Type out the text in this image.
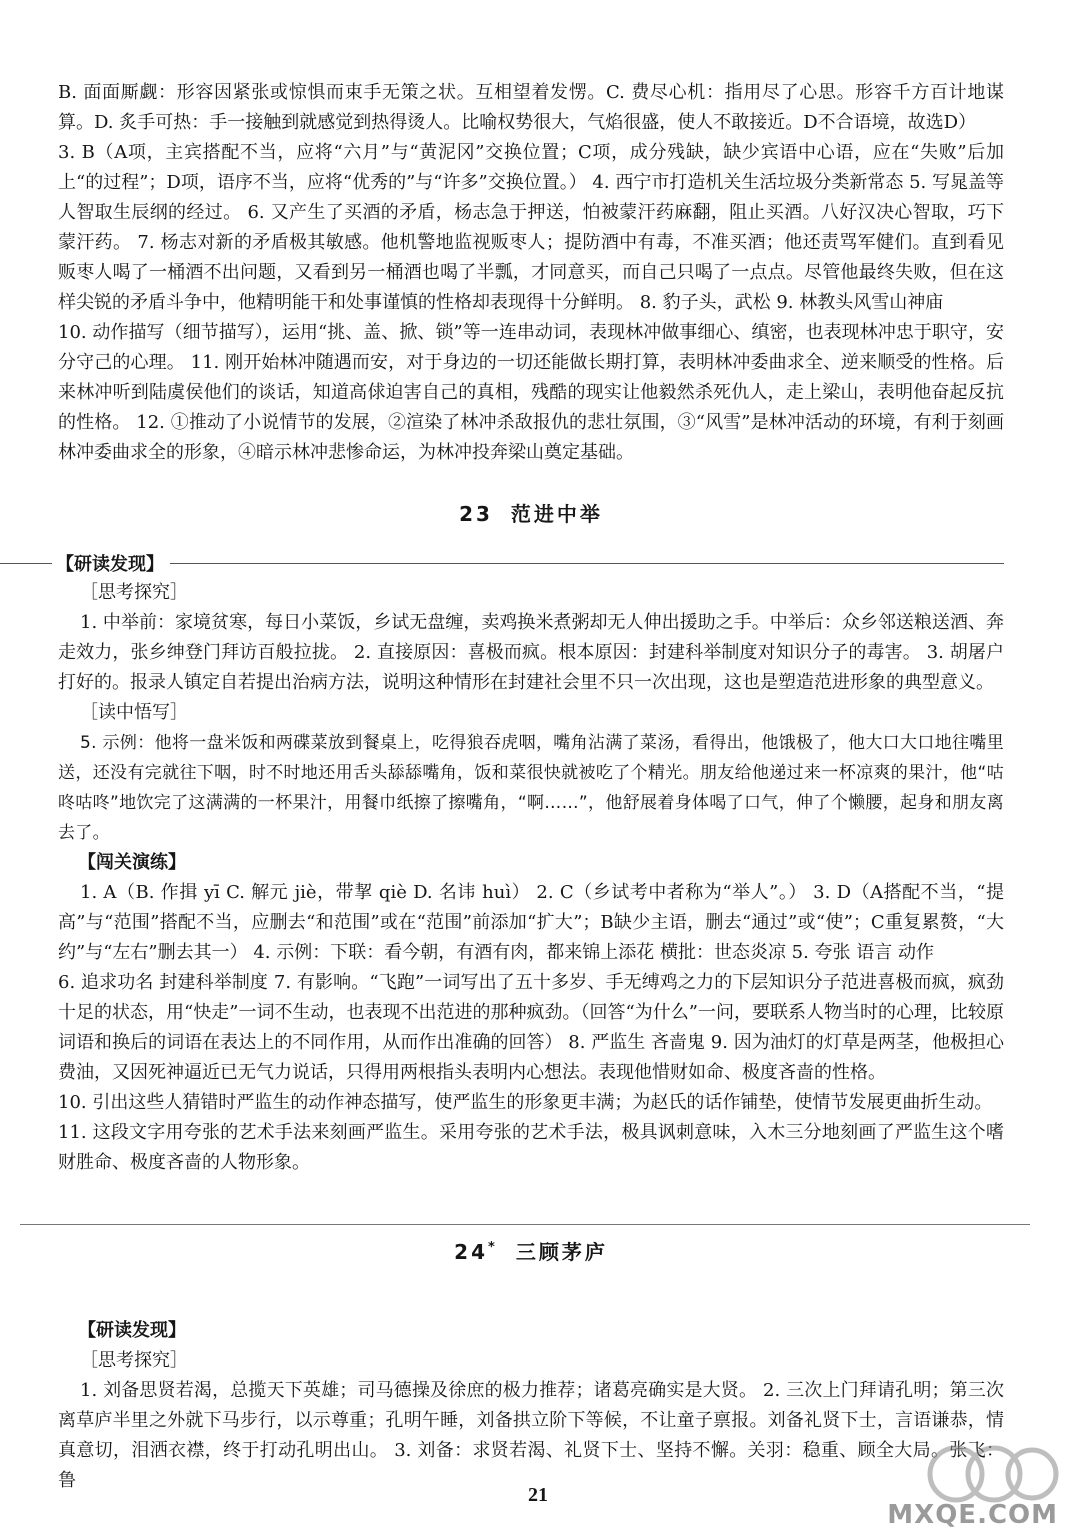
B. 面面厮觑：形容因紧张或惊惧而束手无策之状。互相望着发愣。C. 费尽心机：指用尽了心思。形容千方百计地谋算。D. 炙手可热：手一接触到就感觉到热得烫人。比喻权势很大，气焰很盛，使人不敢接近。D不合语境，故选D）

3. B（A项，主宾搭配不当，应将“六月”与“黄泥冈”交换位置；C项，成分残缺，缺少宾语中心语，应在“失败”后加上“的过程”；D项，语序不当，应将“优秀的”与“许多”交换位置。） 4. 西宁市打造机关生活垃圾分类新常态 5. 写晁盖等人智取生辰纲的经过。 6. 又产生了买酒的矛盾，杨志急于押送，怕被蒙汗药麻翻，阻止买酒。八好汉决心智取，巧下蒙汗药。 7. 杨志对新的矛盾极其敏感。他机警地监视贩枣人；提防酒中有毒，不准买酒；他还责骂军健们。直到看见贩枣人喝了一桶酒不出问题，又看到另一桶酒也喝了半瓢，才同意买，而自己只喝了一点点。尽管他最终失败，但在这样尖锐的矛盾斗争中，他精明能干和处事谨慎的性格却表现得十分鲜明。 8. 豹子头，武松 9. 林教头风雪山神庙

10. 动作描写（细节描写），运用“挑、盖、掀、锁”等一连串动词，表现林冲做事细心、缜密，也表现林冲忠于职守，安分守己的心理。 11. 刚开始林冲随遇而安，对于身边的一切还能做长期打算，表明林冲委曲求全、逆来顺受的性格。后来林冲听到陆虞侯他们的谈话，知道高俅迫害自己的真相，残酷的现实让他毅然杀死仇人，走上梁山，表明他奋起反抗的性格。 12. ①推动了小说情节的发展，②渲染了林冲杀敌报仇的悲壮氛围，③“风雪”是林冲活动的环境，有利于刻画林冲委曲求全的形象，④暗示林冲悲惨命运，为林冲投奔梁山奠定基础。

23 范进中举
【研读发现】
［思考探究］

1. 中举前：家境贫寒，每日小菜饭，乡试无盘缠，卖鸡换米煮粥却无人伸出援助之手。中举后：众乡邻送粮送酒、奔走效力，张乡绅登门拜访百般拉拢。 2. 直接原因：喜极而疯。根本原因：封建科举制度对知识分子的毒害。 3. 胡屠户打好的。报录人镇定自若提出治病方法，说明这种情形在封建社会里不只一次出现，这也是塑造范进形象的典型意义。

［读中悟写］

5. 示例：他将一盘米饭和两碟菜放到餐桌上，吃得狼吞虎咽，嘴角沾满了菜汤，看得出，他饿极了，他大口大口地往嘴里送，还没有完就往下咽，时不时地还用舌头舔舔嘴角，饭和菜很快就被吃了个精光。朋友给他递过来一杯凉爽的果汁，他“咕咚咕咚”地饮完了这满满的一杯果汁，用餐巾纸擦了擦嘴角，“啊……”，他舒展着身体喝了口气，伸了个懒腰，起身和朋友离去了。

【闯关演练】

1. A（B. 作揖 yī C. 解元 jiè，带挈 qiè D. 名讳 huì） 2. C（乡试考中者称为“举人”。） 3. D（A搭配不当，“提高”与“范围”搭配不当，应删去“和范围”或在“范围”前添加“扩大”；B缺少主语，删去“通过”或“使”；C重复累赘，“大约”与“左右”删去其一） 4. 示例：下联：看今朝，有酒有肉，都来锦上添花 横批：世态炎凉 5. 夸张 语言 动作

6. 追求功名 封建科举制度 7. 有影响。“飞跑”一词写出了五十多岁、手无缚鸡之力的下层知识分子范进喜极而疯，疯劲十足的状态，用“快走”一词不生动，也表现不出范进的那种疯劲。（回答“为什么”一问，要联系人物当时的心理，比较原词语和换后的词语在表达上的不同作用，从而作出准确的回答） 8. 严监生 吝啬鬼 9. 因为油灯的灯草是两茎，他极担心费油，又因死神逼近已无气力说话，只得用两根指头表明内心想法。表现他惜财如命、极度吝啬的性格。

10. 引出这些人猜错时严监生的动作神态描写，使严监生的形象更丰满；为赵氏的话作铺垫，使情节发展更曲折生动。

11. 这段文字用夸张的艺术手法来刻画严监生。采用夸张的艺术手法，极具讽刺意味，入木三分地刻画了严监生这个嗜财胜命、极度吝啬的人物形象。

24* 三顾茅庐
【研读发现】
［思考探究］

1. 刘备思贤若渴，总揽天下英雄；司马德操及徐庶的极力推荐；诸葛亮确实是大贤。 2. 三次上门拜请孔明；第三次离草庐半里之外就下马步行，以示尊重；孔明午睡，刘备拱立阶下等候，不让童子禀报。刘备礼贤下士，言语谦恭，情真意切，泪洒衣襟，终于打动孔明出山。 3. 刘备：求贤若渴、礼贤下士、坚持不懈。关羽：稳重、顾全大局。张飞：鲁

21
MXQE.COM
